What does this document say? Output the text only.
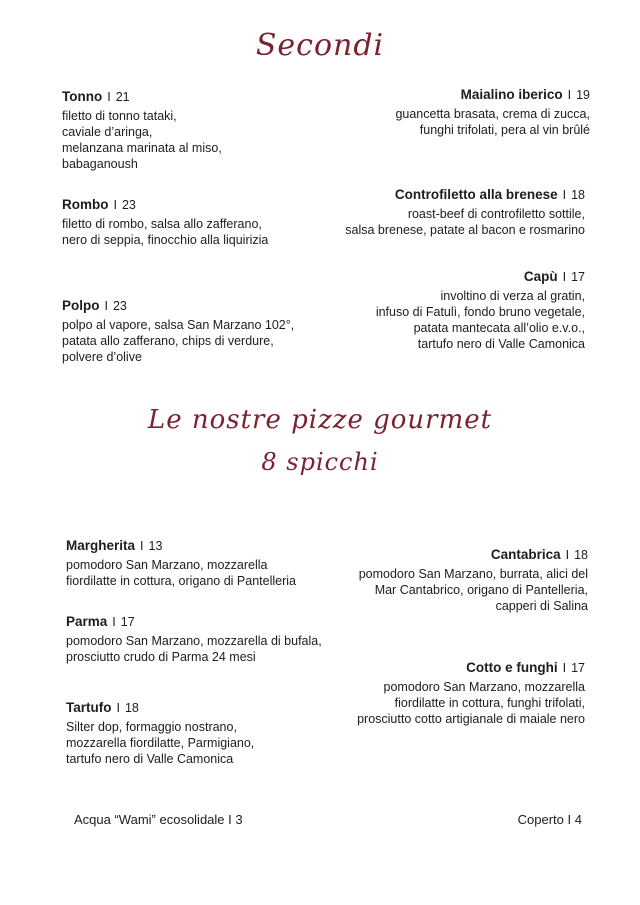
Secondi
Tonno I 21
filetto di tonno tataki,
caviale d’aringa,
melanzana marinata al miso,
babaganoush
Rombo I 23
filetto di rombo, salsa allo zafferano,
nero di seppia, finocchio alla liquirizia
Polpo I 23
polpo al vapore, salsa San Marzano 102°,
patata allo zafferano, chips di verdure,
polvere d’olive
Maialino iberico I 19
guancetta brasata, crema di zucca,
funghi trifolati, pera al vin brûlé
Controfiletto alla brenese I 18
roast-beef di controfiletto sottile,
salsa brenese, patate al bacon e rosmarino
Capù I 17
involtino di verza al gratin,
infuso di Fatulì, fondo bruno vegetale,
patata mantecata all’olio e.v.o.,
tartufo nero di Valle Camonica
Le nostre pizze gourmet
8 spicchi
Margherita I 13
pomodoro San Marzano, mozzarella
fiordilatte in cottura, origano di Pantelleria
Parma I 17
pomodoro San Marzano, mozzarella di bufala,
prosciutto crudo di Parma 24 mesi
Tartufo I 18
Silter dop, formaggio nostrano,
mozzarella fiordilatte, Parmigiano,
tartufo nero di Valle Camonica
Cantabrica I 18
pomodoro San Marzano, burrata, alici del
Mar Cantabrico, origano di Pantelleria,
capperi di Salina
Cotto e funghi I 17
pomodoro San Marzano, mozzarella
fiordilatte in cottura, funghi trifolati,
prosciutto cotto artigianale di maiale nero
Acqua “Wami” ecosolidale I 3	Coperto I 4
